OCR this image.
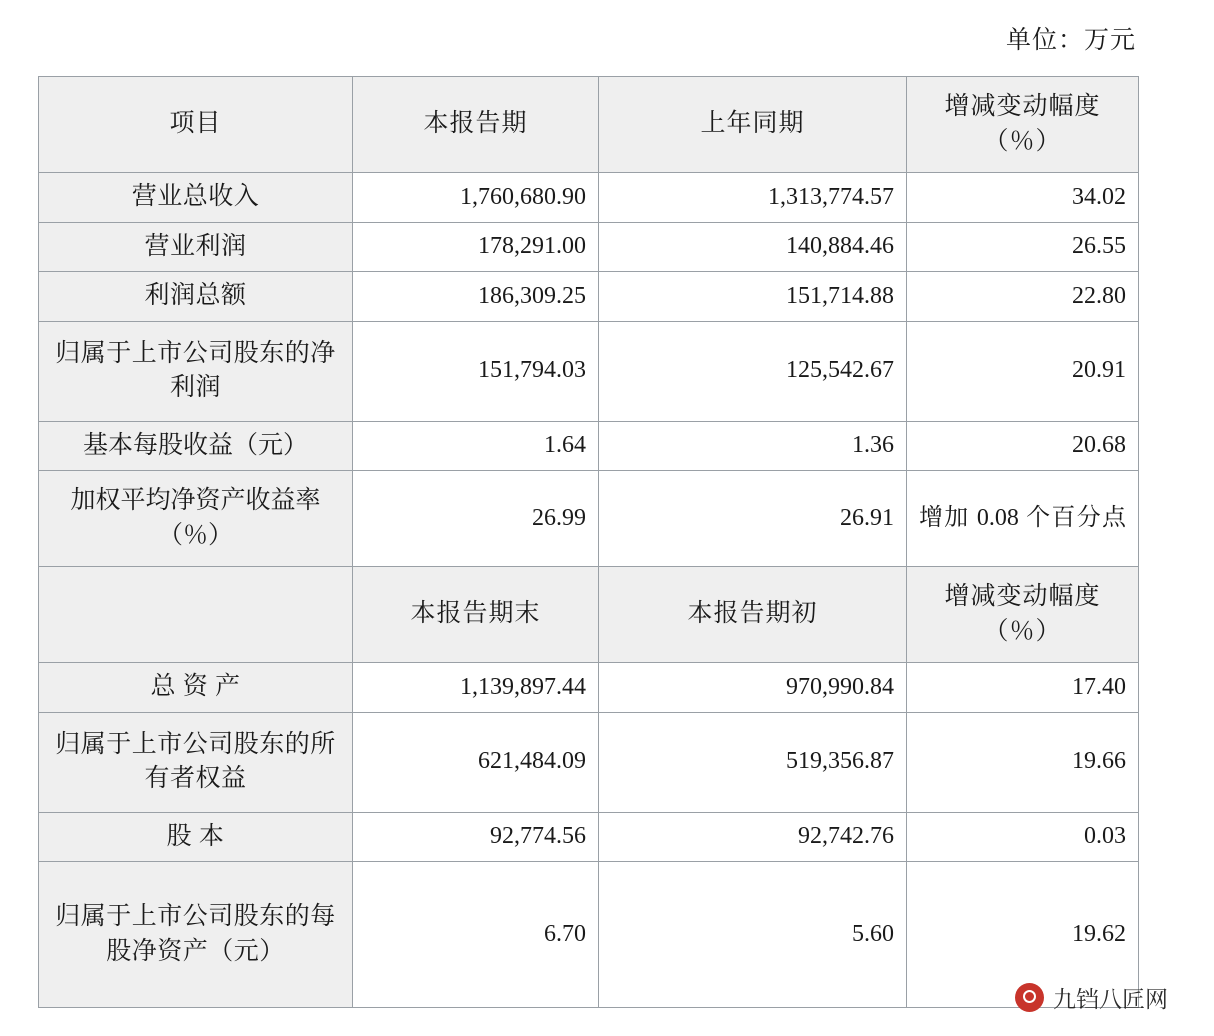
单位：万元
项目	本报告期	上年同期	增减变动幅度
（％）

营业总收入	1,760,680.90	1,313,774.57	34.02
营业利润	178,291.00	140,884.46	26.55
利润总额	186,309.25	151,714.88	22.80
归属于上市公司股东的净利润	151,794.03	125,542.67	20.91
基本每股收益（元）	1.64	1.36	20.68
加权平均净资产收益率（％）	26.99	26.91	增加 0.08 个百分点
	本报告期末	本报告期初	增减变动幅度
（％）

总 资 产	1,139,897.44	970,990.84	17.40
归属于上市公司股东的所有者权益	621,484.09	519,356.87	19.66
股 本	92,774.56	92,742.76	0.03
归属于上市公司股东的每股净资产（元）	6.70	5.60	19.62
九铛八匠网
